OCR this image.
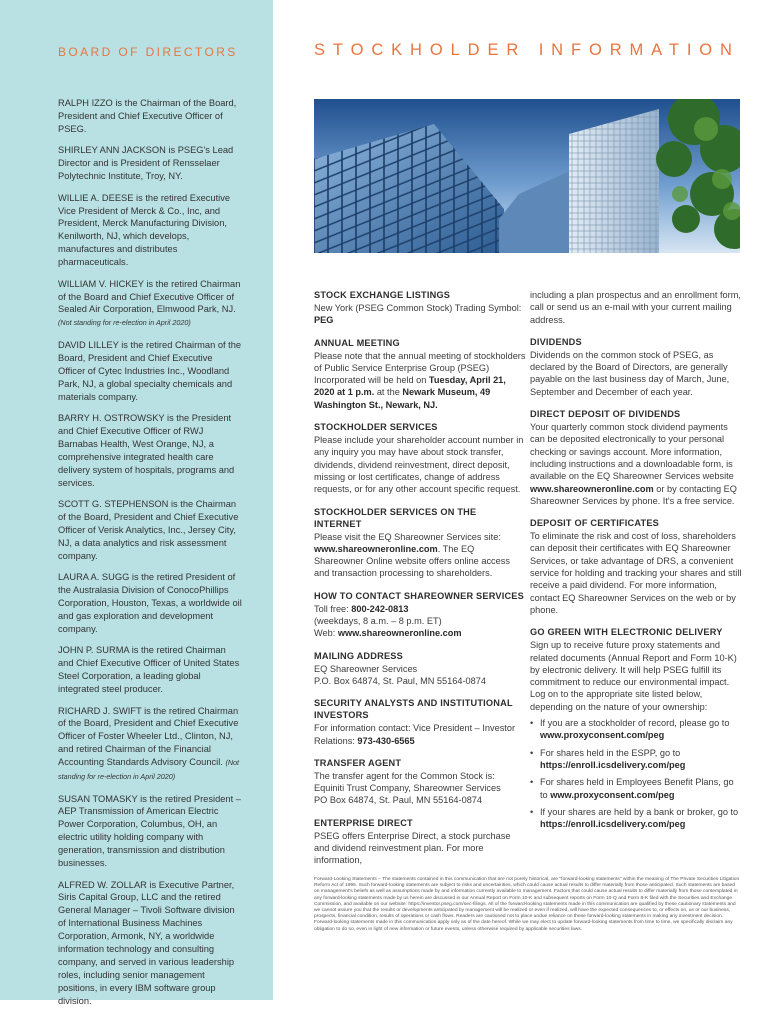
BOARD OF DIRECTORS

RALPH IZZO is the Chairman of the Board, President and Chief Executive Officer of PSEG.

SHIRLEY ANN JACKSON is PSEG's Lead Director and is President of Rensselaer Polytechnic Institute, Troy, NY.

WILLIE A. DEESE is the retired Executive Vice President of Merck & Co., Inc, and President, Merck Manufacturing Division, Kenilworth, NJ, which develops, manufactures and distributes pharmaceuticals.

WILLIAM V. HICKEY is the retired Chairman of the Board and Chief Executive Officer of Sealed Air Corporation, Elmwood Park, NJ. (Not standing for re-election in April 2020)

DAVID LILLEY is the retired Chairman of the Board, President and Chief Executive Officer of Cytec Industries Inc., Woodland Park, NJ, a global specialty chemicals and materials company.

BARRY H. OSTROWSKY is the President and Chief Executive Officer of RWJ Barnabas Health, West Orange, NJ, a comprehensive integrated health care delivery system of hospitals, programs and services.

SCOTT G. STEPHENSON is the Chairman of the Board, President and Chief Executive Officer of Verisk Analytics, Inc., Jersey City, NJ, a data analytics and risk assessment company.

LAURA A. SUGG is the retired President of the Australasia Division of ConocoPhillips Corporation, Houston, Texas, a worldwide oil and gas exploration and development company.

JOHN P. SURMA is the retired Chairman and Chief Executive Officer of United States Steel Corporation, a leading global integrated steel producer.

RICHARD J. SWIFT is the retired Chairman of the Board, President and Chief Executive Officer of Foster Wheeler Ltd., Clinton, NJ, and retired Chairman of the Financial Accounting Standards Advisory Council. (Not standing for re-election in April 2020)

SUSAN TOMASKY is the retired President – AEP Transmission of American Electric Power Corporation, Columbus, OH, an electric utility holding company with generation, transmission and distribution businesses.

ALFRED W. ZOLLAR is Executive Partner, Siris Capital Group, LLC and the retired General Manager – Tivoli Software division of International Business Machines Corporation, Armonk, NY, a worldwide information technology and consulting company, and served in various leadership roles, including senior management positions, in every IBM software group division.

STOCKHOLDER INFORMATION
STOCK EXCHANGE LISTINGS
New York (PSEG Common Stock) Trading Symbol: PEG
ANNUAL MEETING
Please note that the annual meeting of stockholders of Public Service Enterprise Group (PSEG) Incorporated will be held on Tuesday, April 21, 2020 at 1 p.m. at the Newark Museum, 49 Washington St., Newark, NJ.
STOCKHOLDER SERVICES
Please include your shareholder account number in any inquiry you may have about stock transfer, dividends, dividend reinvestment, direct deposit, missing or lost certificates, change of address requests, or for any other account specific request.
STOCKHOLDER SERVICES ON THE INTERNET
Please visit the EQ Shareowner Services site: www.shareowneronline.com. The EQ Shareowner Online website offers online access and transaction processing to shareholders.
HOW TO CONTACT SHAREOWNER SERVICES
Toll free: 800-242-0813
(weekdays, 8 a.m. – 8 p.m. ET)
Web: www.shareowneronline.com
MAILING ADDRESS
EQ Shareowner Services
P.O. Box 64874, St. Paul, MN 55164-0874
SECURITY ANALYSTS AND INSTITUTIONAL INVESTORS
For information contact: Vice President – Investor Relations: 973-430-6565
TRANSFER AGENT
The transfer agent for the Common Stock is:
Equiniti Trust Company, Shareowner Services
PO Box 64874, St. Paul, MN 55164-0874
ENTERPRISE DIRECT
PSEG offers Enterprise Direct, a stock purchase and dividend reinvestment plan. For more information,
including a plan prospectus and an enrollment form, call or send us an e-mail with your current mailing address.
DIVIDENDS
Dividends on the common stock of PSEG, as declared by the Board of Directors, are generally payable on the last business day of March, June, September and December of each year.
DIRECT DEPOSIT OF DIVIDENDS
Your quarterly common stock dividend payments can be deposited electronically to your personal checking or savings account. More information, including instructions and a downloadable form, is available on the EQ Shareowner Services website www.shareowneronline.com or by contacting EQ Shareowner Services by phone. It's a free service.
DEPOSIT OF CERTIFICATES
To eliminate the risk and cost of loss, shareholders can deposit their certificates with EQ Shareowner Services, or take advantage of DRS, a convenient service for holding and tracking your shares and still receive a paid dividend. For more information, contact EQ Shareowner Services on the web or by phone.
GO GREEN WITH ELECTRONIC DELIVERY
Sign up to receive future proxy statements and related documents (Annual Report and Form 10-K) by electronic delivery. It will help PSEG fulfill its commitment to reduce our environmental impact. Log on to the appropriate site listed below, depending on the nature of your ownership:
• If you are a stockholder of record, please go to www.proxyconsent.com/peg
• For shares held in the ESPP, go to https://enroll.icsdelivery.com/peg
• For shares held in Employees Benefit Plans, go to www.proxyconsent.com/peg
• If your shares are held by a bank or broker, go to https://enroll.icsdelivery.com/peg
Forward-Looking Statements – The statements contained in this communication that are not purely historical, are "forward-looking statements" within the meaning of The Private Securities Litigation Reform Act of 1995. Such forward-looking statements are subject to risks and uncertainties, which could cause actual results to differ materially from those anticipated. Such statements are based on management's beliefs as well as assumptions made by and information currently available to management. Factors that could cause actual results to differ materially from those contemplated in any forward-looking statements made by us herein are discussed in our Annual Report on Form 10-K and subsequent reports on Form 10-Q and Form 8-K filed with the Securities and Exchange Commission, and available on our website: https://investor.pseg.com/sec-filings. All of the forward-looking statements made in this communication are qualified by these cautionary statements and we cannot assure you that the results or developments anticipated by management will be realized or even if realized, will have the expected consequences to, or effects on, us or our business, prospects, financial condition, results of operations or cash flows. Readers are cautioned not to place undue reliance on these forward-looking statements in making any investment decision. Forward-looking statements made in this communication apply only as of the date hereof. While we may elect to update forward-looking statements from time to time, we specifically disclaim any obligation to do so, even in light of new information or future events, unless otherwise required by applicable securities laws.
